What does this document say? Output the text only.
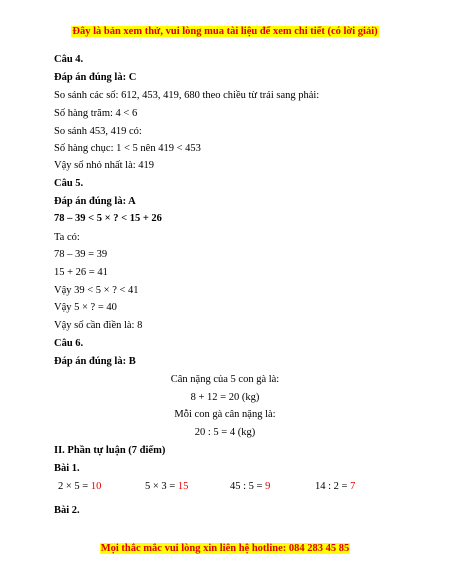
Đây là bản xem thử, vui lòng mua tài liệu để xem chi tiết (có lời giải)
Câu 4.
Đáp án đúng là: C
So sánh các số: 612, 453, 419, 680 theo chiều từ trái sang phải:
Số hàng trăm: 4 < 6
So sánh 453, 419 có:
Số hàng chục: 1 < 5 nên 419 < 453
Vậy số nhỏ nhất là: 419
Câu 5.
Đáp án đúng là: A
78 – 39 < 5 × ? < 15 + 26
Ta có:
78 – 39 = 39
15 + 26 = 41
Vậy 39 < 5 × ? < 41
Vậy 5 × ? = 40
Vậy số cần điền là: 8
Câu 6.
Đáp án đúng là: B
Cân nặng của 5 con gà là:
8 + 12 = 20 (kg)
Mỗi con gà cân nặng là:
20 : 5 = 4 (kg)
II. Phần tự luận (7 điểm)
Bài 1.
2 × 5 = 10	5 × 3 = 15	45 : 5 = 9	14 : 2 = 7
Bài 2.
Mọi thắc mắc vui lòng xin liên hệ hotline: 084 283 45 85
